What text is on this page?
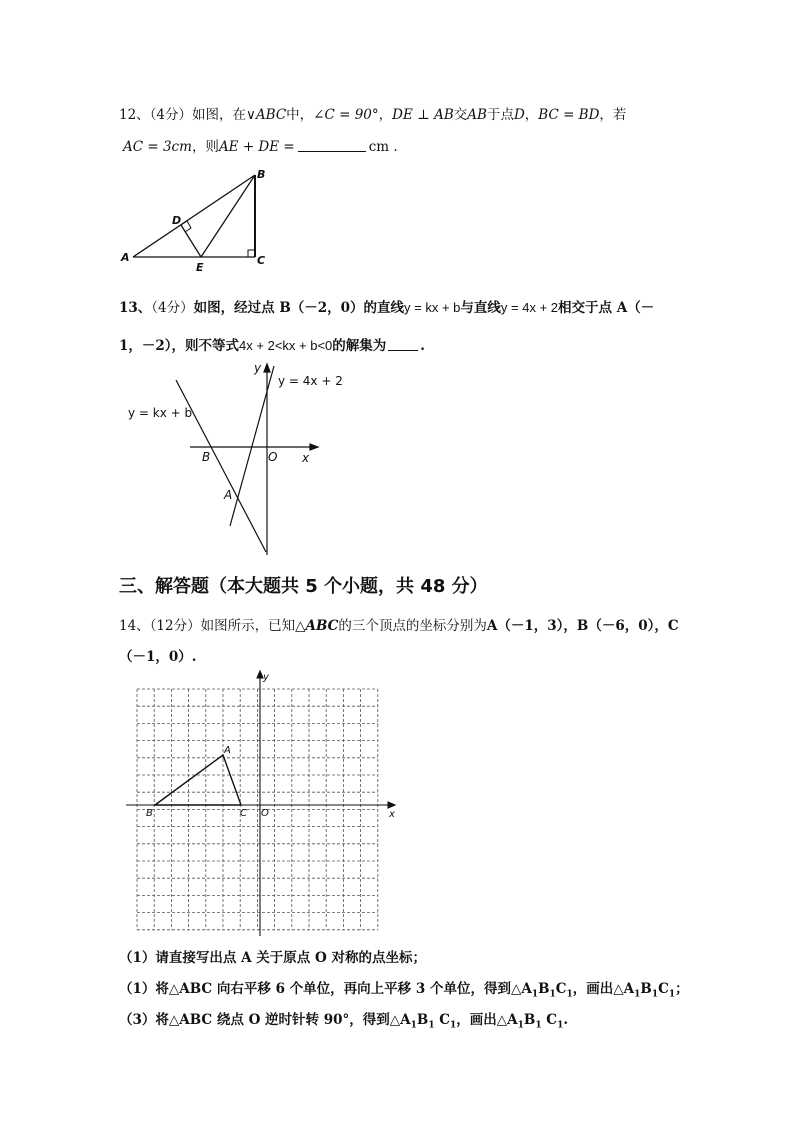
12、（4分）如图，在∨ABC中，∠C = 90°，DE ⊥ AB交AB于点D，BC = BD，若
AC = 3cm，则AE + DE =	cm .
A
B
C
D
E
13、（4分）如图，经过点 B（－2，0）的直线y = kx + b与直线y = 4x + 2相交于点 A（－
1，－2），则不等式4x + 2<kx + b<0的解集为	.
y
x
O
B
A
y = 4x + 2
y = kx + b
三、解答题（本大题共 5 个小题，共 48 分）
14、（12分）如图所示，已知△ABC的三个顶点的坐标分别为A（－1，3），B（－6，0），C
（－1，0）.
x
y
O
A
B	C
（1）请直接写出点 A 关于原点 O 对称的点坐标；
（1）将△ABC 向右平移 6 个单位，再向上平移 3 个单位，得到$\triangle A_1B_1C_1$，画出$\triangle A_1B_1C_1$；
（3）将△ABC 绕点 O 逆时针转 90°，得到$\triangle A_1B_1$ $C_1$，画出$\triangle A_1B_1$ $C_1$.
